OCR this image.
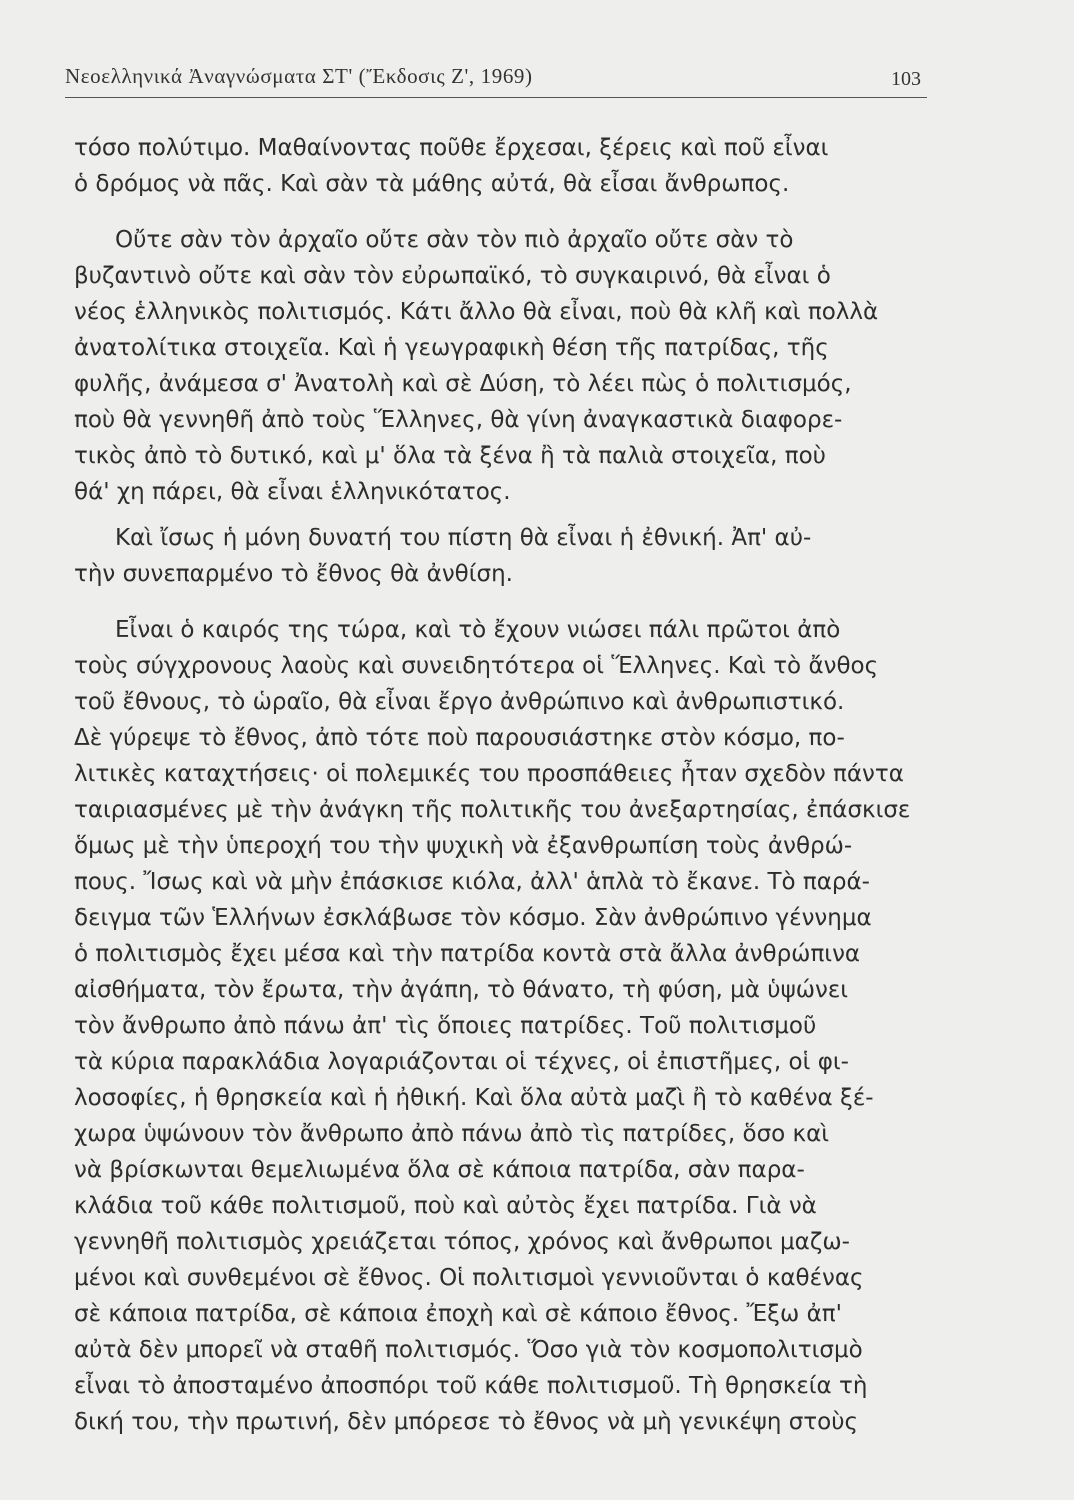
Νεοελληνικά Ἀναγνώσματα ΣΤ' (Ἔκδοσις Ζ', 1969)	103
τόσο πολύτιμο. Μαθαίνοντας ποῦθε ἔρχεσαι, ξέρεις καὶ ποῦ εἶναι
ὁ δρόμος νὰ πᾶς. Καὶ σὰν τὰ μάθης αὐτά, θὰ εἶσαι ἄνθρωπος.
Οὔτε σὰν τὸν ἀρχαῖο οὔτε σὰν τὸν πιὸ ἀρχαῖο οὔτε σὰν τὸ
βυζαντινὸ οὔτε καὶ σὰν τὸν εὐρωπαϊκό, τὸ συγκαιρινό, θὰ εἶναι ὁ
νέος ἑλληνικὸς πολιτισμός. Κάτι ἄλλο θὰ εἶναι, ποὺ θὰ κλῆ καὶ πολλὰ
ἀνατολίτικα στοιχεῖα. Καὶ ἡ γεωγραφικὴ θέση τῆς πατρίδας, τῆς
φυλῆς, ἀνάμεσα σ' Ἀνατολὴ καὶ σὲ Δύση, τὸ λέει πὼς ὁ πολιτισμός,
ποὺ θὰ γεννηθῆ ἀπὸ τοὺς Ἕλληνες, θὰ γίνη ἀναγκαστικὰ διαφορε-
τικὸς ἀπὸ τὸ δυτικό, καὶ μ' ὅλα τὰ ξένα ἢ τὰ παλιὰ στοιχεῖα, ποὺ
θά' χη πάρει, θὰ εἶναι ἑλληνικότατος.
Καὶ ἴσως ἡ μόνη δυνατή του πίστη θὰ εἶναι ἡ ἐθνική. Ἀπ' αὐ-
τὴν συνεπαρμένο τὸ ἔθνος θὰ ἀνθίση.
Εἶναι ὁ καιρός της τώρα, καὶ τὸ ἔχουν νιώσει πάλι πρῶτοι ἀπὸ
τοὺς σύγχρονους λαοὺς καὶ συνειδητότερα οἱ Ἕλληνες. Καὶ τὸ ἄνθος
τοῦ ἔθνους, τὸ ὡραῖο, θὰ εἶναι ἔργο ἀνθρώπινο καὶ ἀνθρωπιστικό.
Δὲ γύρεψε τὸ ἔθνος, ἀπὸ τότε ποὺ παρουσιάστηκε στὸν κόσμο, πο-
λιτικὲς καταχτήσεις· οἱ πολεμικές του προσπάθειες ἦταν σχεδὸν πάντα
ταιριασμένες μὲ τὴν ἀνάγκη τῆς πολιτικῆς του ἀνεξαρτησίας, ἐπάσκισε
ὅμως μὲ τὴν ὑπεροχή του τὴν ψυχικὴ νὰ ἐξανθρωπίση τοὺς ἀνθρώ-
πους. Ἴσως καὶ νὰ μὴν ἐπάσκισε κιόλα, ἀλλ' ἁπλὰ τὸ ἔκανε. Τὸ παρά-
δειγμα τῶν Ἑλλήνων ἐσκλάβωσε τὸν κόσμο. Σὰν ἀνθρώπινο γέννημα
ὁ πολιτισμὸς ἔχει μέσα καὶ τὴν πατρίδα κοντὰ στὰ ἄλλα ἀνθρώπινα
αἰσθήματα, τὸν ἔρωτα, τὴν ἀγάπη, τὸ θάνατο, τὴ φύση, μὰ ὑψώνει
τὸν ἄνθρωπο ἀπὸ πάνω ἀπ' τὶς ὅποιες πατρίδες. Τοῦ πολιτισμοῦ
τὰ κύρια παρακλάδια λογαριάζονται οἱ τέχνες, οἱ ἐπιστῆμες, οἱ φι-
λοσοφίες, ἡ θρησκεία καὶ ἡ ἠθική. Καὶ ὅλα αὐτὰ μαζὶ ἢ τὸ καθένα ξέ-
χωρα ὑψώνουν τὸν ἄνθρωπο ἀπὸ πάνω ἀπὸ τὶς πατρίδες, ὅσο καὶ
νὰ βρίσκωνται θεμελιωμένα ὅλα σὲ κάποια πατρίδα, σὰν παρα-
κλάδια τοῦ κάθε πολιτισμοῦ, ποὺ καὶ αὐτὸς ἔχει πατρίδα. Γιὰ νὰ
γεννηθῆ πολιτισμὸς χρειάζεται τόπος, χρόνος καὶ ἄνθρωποι μαζω-
μένοι καὶ συνθεμένοι σὲ ἔθνος. Οἱ πολιτισμοὶ γεννιοῦνται ὁ καθένας
σὲ κάποια πατρίδα, σὲ κάποια ἐποχὴ καὶ σὲ κάποιο ἔθνος. Ἔξω ἀπ'
αὐτὰ δὲν μπορεῖ νὰ σταθῆ πολιτισμός. Ὅσο γιὰ τὸν κοσμοπολιτισμὸ
εἶναι τὸ ἀποσταμένο ἀποσπόρι τοῦ κάθε πολιτισμοῦ. Τὴ θρησκεία τὴ
δική του, τὴν πρωτινή, δὲν μπόρεσε τὸ ἔθνος νὰ μὴ γενικέψη στοὺς
